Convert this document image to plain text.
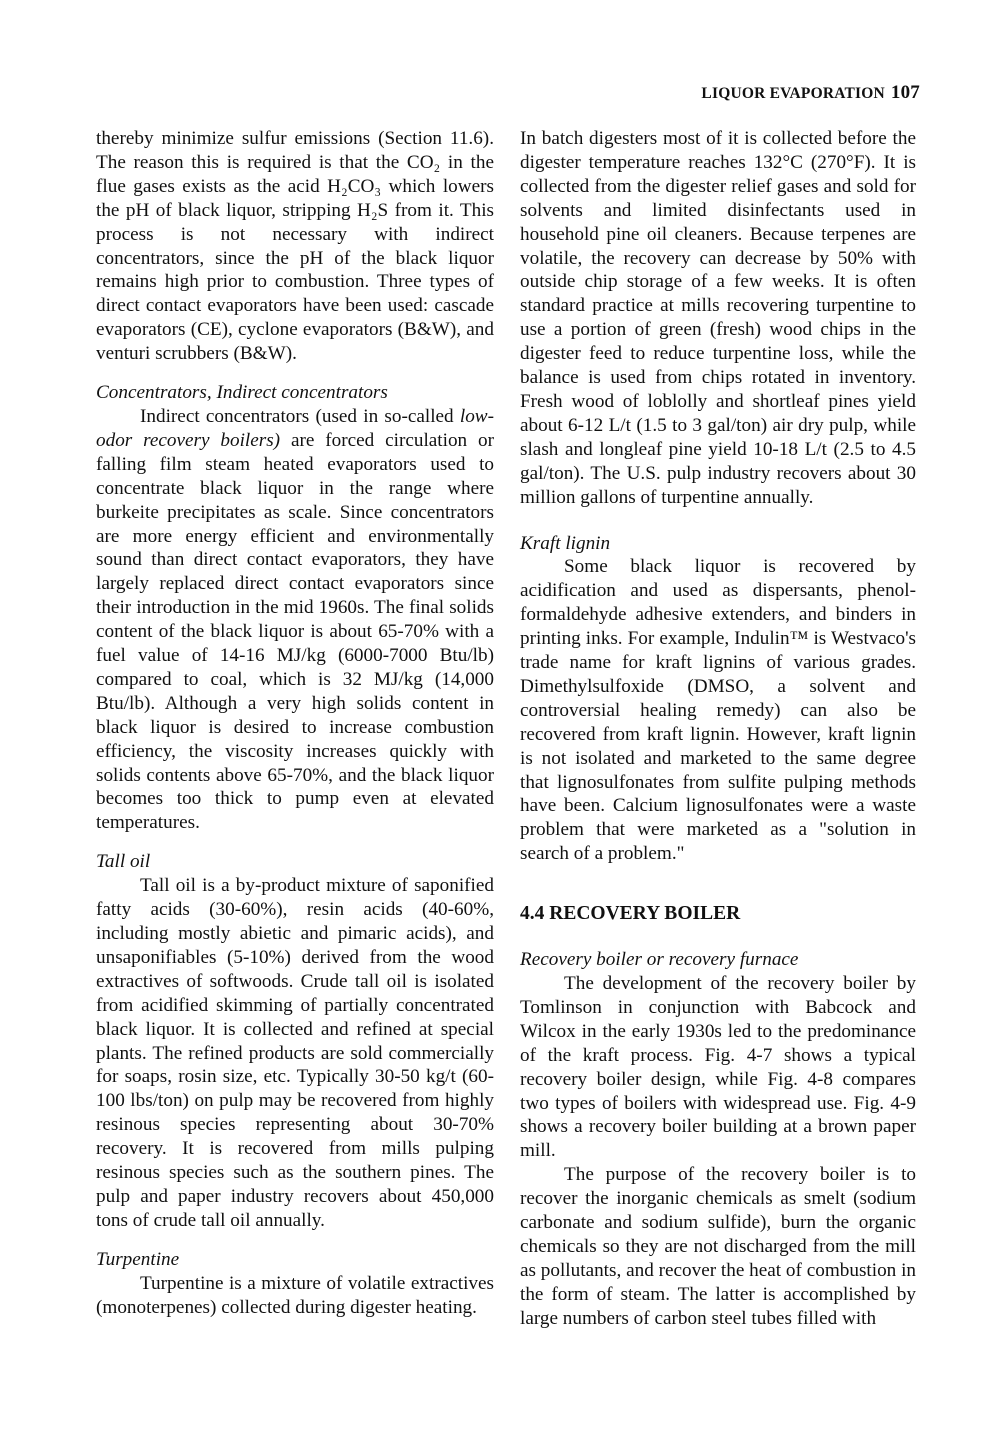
LIQUOR EVAPORATION 107

thereby minimize sulfur emissions (Section 11.6). The reason this is required is that the CO₂ in the flue gases exists as the acid H₂CO₃ which lowers the pH of black liquor, stripping H₂S from it. This process is not necessary with indirect concentrators, since the pH of the black liquor remains high prior to combustion. Three types of direct contact evaporators have been used: cascade evaporators (CE), cyclone evaporators (B&W), and venturi scrubbers (B&W).

Concentrators, Indirect concentrators

Indirect concentrators (used in so-called low-odor recovery boilers) are forced circulation or falling film steam heated evaporators used to concentrate black liquor in the range where burkeite precipitates as scale. Since concentrators are more energy efficient and environmentally sound than direct contact evaporators, they have largely replaced direct contact evaporators since their introduction in the mid 1960s. The final solids content of the black liquor is about 65-70% with a fuel value of 14-16 MJ/kg (6000-7000 Btu/lb) compared to coal, which is 32 MJ/kg (14,000 Btu/lb). Although a very high solids content in black liquor is desired to increase combustion efficiency, the viscosity increases quickly with solids contents above 65-70%, and the black liquor becomes too thick to pump even at elevated temperatures.

Tall oil

Tall oil is a by-product mixture of saponified fatty acids (30-60%), resin acids (40-60%, including mostly abietic and pimaric acids), and unsaponifiables (5-10%) derived from the wood extractives of softwoods. Crude tall oil is isolated from acidified skimming of partially concentrated black liquor. It is collected and refined at special plants. The refined products are sold commercially for soaps, rosin size, etc. Typically 30-50 kg/t (60-100 lbs/ton) on pulp may be recovered from highly resinous species representing about 30-70% recovery. It is recovered from mills pulping resinous species such as the southern pines. The pulp and paper industry recovers about 450,000 tons of crude tall oil annually.

Turpentine

Turpentine is a mixture of volatile extractives (monoterpenes) collected during digester heating.

In batch digesters most of it is collected before the digester temperature reaches 132°C (270°F). It is collected from the digester relief gases and sold for solvents and limited disinfectants used in household pine oil cleaners. Because terpenes are volatile, the recovery can decrease by 50% with outside chip storage of a few weeks. It is often standard practice at mills recovering turpentine to use a portion of green (fresh) wood chips in the digester feed to reduce turpentine loss, while the balance is used from chips rotated in inventory. Fresh wood of loblolly and shortleaf pines yield about 6-12 L/t (1.5 to 3 gal/ton) air dry pulp, while slash and longleaf pine yield 10-18 L/t (2.5 to 4.5 gal/ton). The U.S. pulp industry recovers about 30 million gallons of turpentine annually.

Kraft lignin

Some black liquor is recovered by acidification and used as dispersants, phenol-formaldehyde adhesive extenders, and binders in printing inks. For example, Indulin™ is Westvaco's trade name for kraft lignins of various grades. Dimethylsulfoxide (DMSO, a solvent and controversial healing remedy) can also be recovered from kraft lignin. However, kraft lignin is not isolated and marketed to the same degree that lignosulfonates from sulfite pulping methods have been. Calcium lignosulfonates were a waste problem that were marketed as a "solution in search of a problem."

4.4 RECOVERY BOILER

Recovery boiler or recovery furnace

The development of the recovery boiler by Tomlinson in conjunction with Babcock and Wilcox in the early 1930s led to the predominance of the kraft process. Fig. 4-7 shows a typical recovery boiler design, while Fig. 4-8 compares two types of boilers with widespread use. Fig. 4-9 shows a recovery boiler building at a brown paper mill.

The purpose of the recovery boiler is to recover the inorganic chemicals as smelt (sodium carbonate and sodium sulfide), burn the organic chemicals so they are not discharged from the mill as pollutants, and recover the heat of combustion in the form of steam. The latter is accomplished by large numbers of carbon steel tubes filled with
